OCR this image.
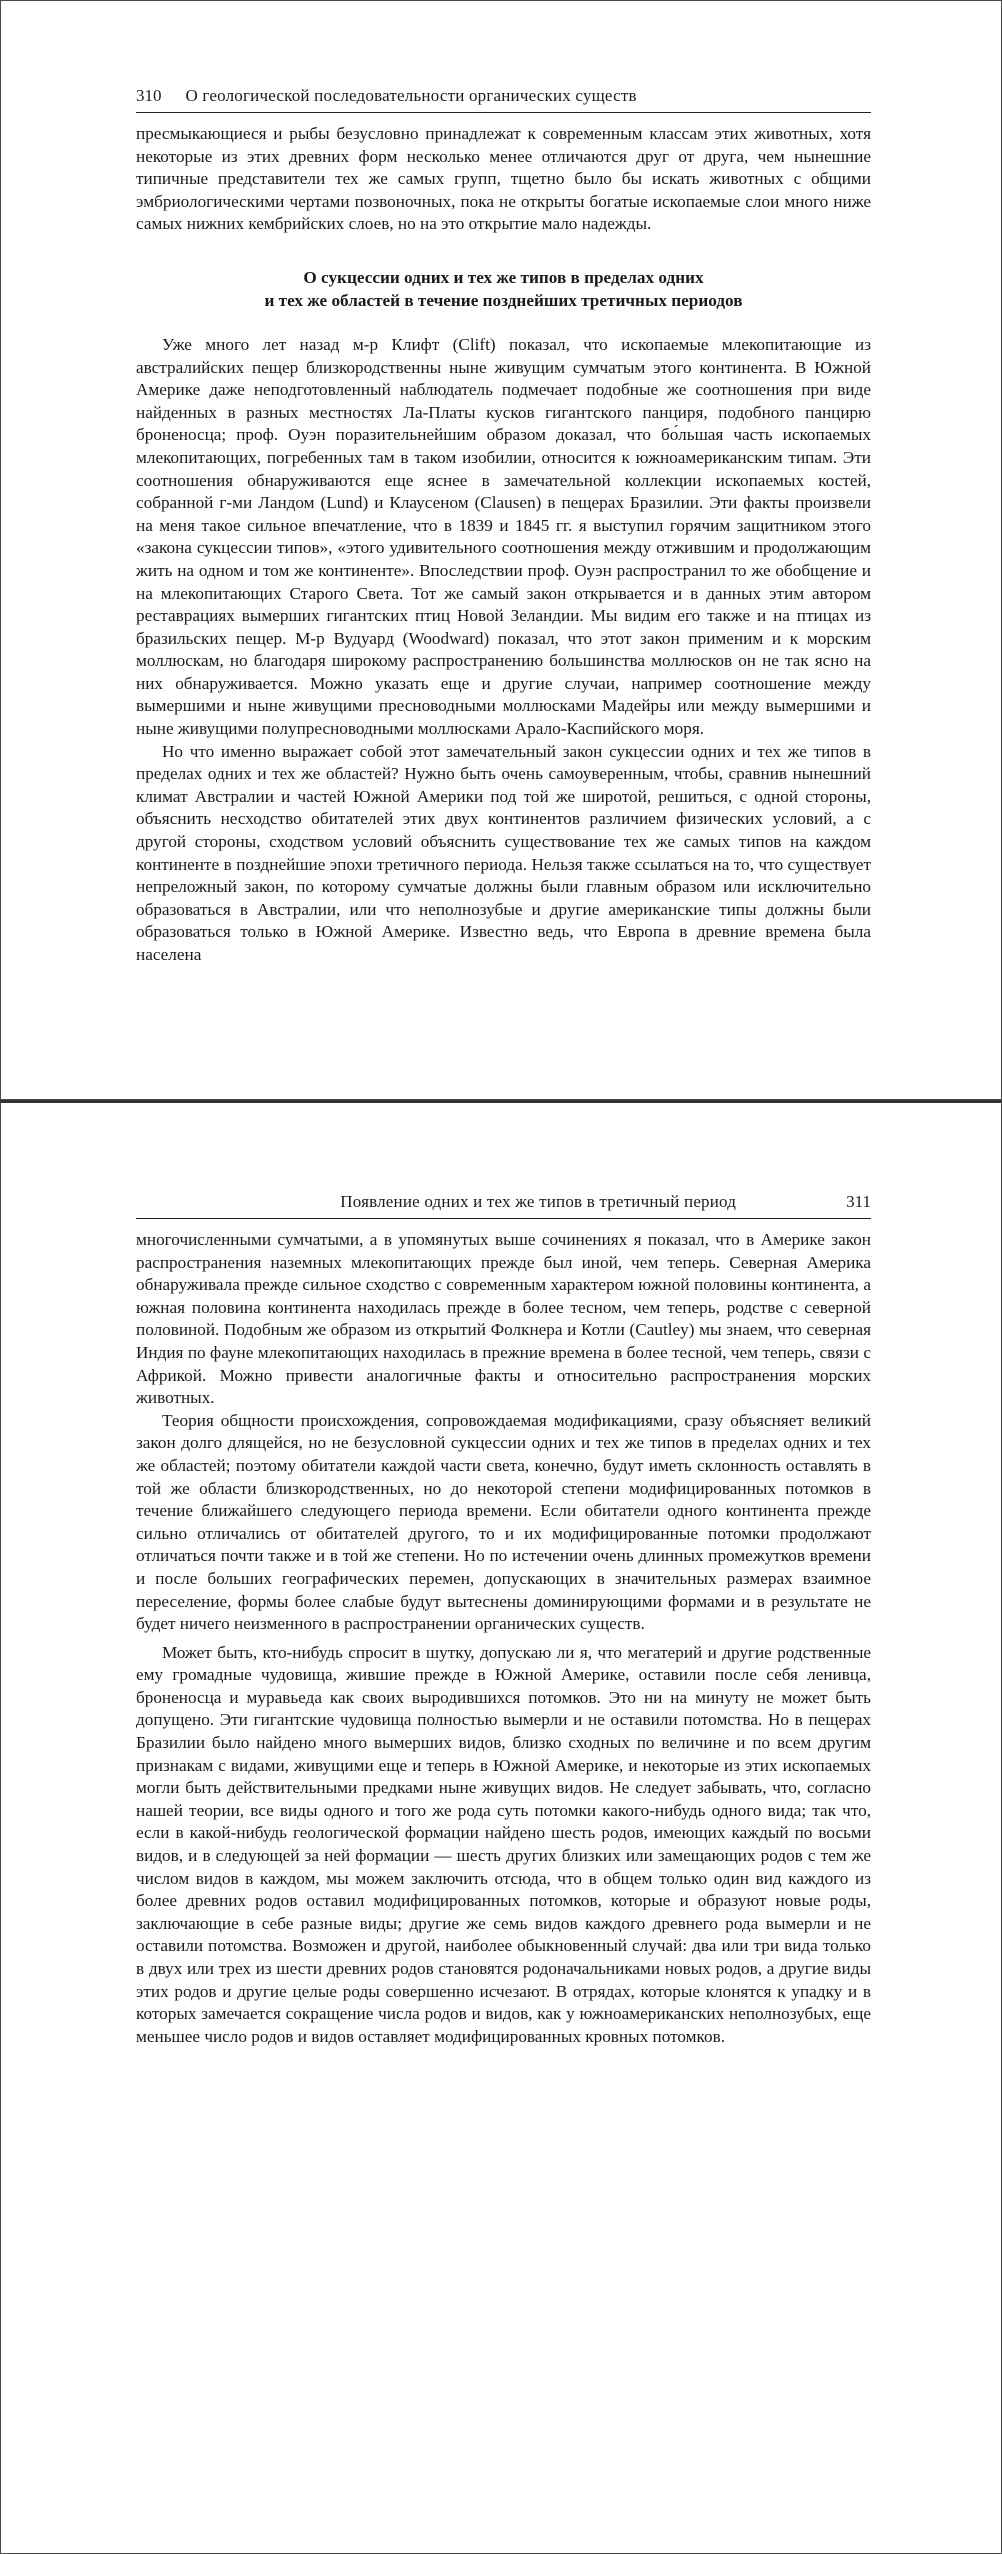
310 О геологической последовательности органических существ

пресмыкающиеся и рыбы безусловно принадлежат к современным классам этих животных, хотя некоторые из этих древних форм несколько менее отличаются друг от друга, чем нынешние типичные представители тех же самых групп, тщетно было бы искать животных с общими эмбриологическими чертами позвоночных, пока не открыты богатые ископаемые слои много ниже самых нижних кембрийских слоев, но на это открытие мало надежды.

О сукцессии одних и тех же типов в пределах одних
и тех же областей в течение позднейших третичных периодов

Уже много лет назад м-р Клифт (Clift) показал, что ископаемые млекопитающие из австралийских пещер близкородственны ныне живущим сумчатым этого континента. В Южной Америке даже неподготовленный наблюдатель подмечает подобные же соотношения при виде найденных в разных местностях Ла-Платы кусков гигантского панциря, подобного панцирю броненосца; проф. Оуэн поразительнейшим образом доказал, что бо́льшая часть ископаемых млекопитающих, погребенных там в таком изобилии, относится к южноамериканским типам. Эти соотношения обнаруживаются еще яснее в замечательной коллекции ископаемых костей, собранной г-ми Ландом (Lund) и Клаусеном (Clausen) в пещерах Бразилии. Эти факты произвели на меня такое сильное впечатление, что в 1839 и 1845 гг. я выступил горячим защитником этого «закона сукцессии типов», «этого удивительного соотношения между отжившим и продолжающим жить на одном и том же континенте». Впоследствии проф. Оуэн распространил то же обобщение и на млекопитающих Старого Света. Тот же самый закон открывается и в данных этим автором реставрациях вымерших гигантских птиц Новой Зеландии. Мы видим его также и на птицах из бразильских пещер. М-р Вудуард (Woodward) показал, что этот закон применим и к морским моллюскам, но благодаря широкому распространению большинства моллюсков он не так ясно на них обнаруживается. Можно указать еще и другие случаи, например соотношение между вымершими и ныне живущими пресноводными моллюсками Мадейры или между вымершими и ныне живущими полупресноводными моллюсками Арало-Каспийского моря.

Но что именно выражает собой этот замечательный закон сукцессии одних и тех же типов в пределах одних и тех же областей? Нужно быть очень самоуверенным, чтобы, сравнив нынешний климат Австралии и частей Южной Америки под той же широтой, решиться, с одной стороны, объяснить несходство обитателей этих двух континентов различием физических условий, а с другой стороны, сходством условий объяснить существование тех же самых типов на каждом континенте в позднейшие эпохи третичного периода. Нельзя также ссылаться на то, что существует непреложный закон, по которому сумчатые должны были главным образом или исключительно образоваться в Австралии, или что неполнозубые и другие американские типы должны были образоваться только в Южной Америке. Известно ведь, что Европа в древние времена была населена

Появление одних и тех же типов в третичный период	311

многочисленными сумчатыми, а в упомянутых выше сочинениях я показал, что в Америке закон распространения наземных млекопитающих прежде был иной, чем теперь. Северная Америка обнаруживала прежде сильное сходство с современным характером южной половины континента, а южная половина континента находилась прежде в более тесном, чем теперь, родстве с северной половиной. Подобным же образом из открытий Фолкнера и Котли (Cautley) мы знаем, что северная Индия по фауне млекопитающих находилась в прежние времена в более тесной, чем теперь, связи с Африкой. Можно привести аналогичные факты и относительно распространения морских животных.

Теория общности происхождения, сопровождаемая модификациями, сразу объясняет великий закон долго длящейся, но не безусловной сукцессии одних и тех же типов в пределах одних и тех же областей; поэтому обитатели каждой части света, конечно, будут иметь склонность оставлять в той же области близкородственных, но до некоторой степени модифицированных потомков в течение ближайшего следующего периода времени. Если обитатели одного континента прежде сильно отличались от обитателей другого, то и их модифицированные потомки продолжают отличаться почти также и в той же степени. Но по истечении очень длинных промежутков времени и после больших географических перемен, допускающих в значительных размерах взаимное переселение, формы более слабые будут вытеснены доминирующими формами и в результате не будет ничего неизменного в распространении органических существ.

Может быть, кто-нибудь спросит в шутку, допускаю ли я, что мегатерий и другие родственные ему громадные чудовища, жившие прежде в Южной Америке, оставили после себя ленивца, броненосца и муравьеда как своих выродившихся потомков. Это ни на минуту не может быть допущено. Эти гигантские чудовища полностью вымерли и не оставили потомства. Но в пещерах Бразилии было найдено много вымерших видов, близко сходных по величине и по всем другим признакам с видами, живущими еще и теперь в Южной Америке, и некоторые из этих ископаемых могли быть действительными предками ныне живущих видов. Не следует забывать, что, согласно нашей теории, все виды одного и того же рода суть потомки какого-нибудь одного вида; так что, если в какой-нибудь геологической формации найдено шесть родов, имеющих каждый по восьми видов, и в следующей за ней формации — шесть других близких или замещающих родов с тем же числом видов в каждом, мы можем заключить отсюда, что в общем только один вид каждого из более древних родов оставил модифицированных потомков, которые и образуют новые роды, заключающие в себе разные виды; другие же семь видов каждого древнего рода вымерли и не оставили потомства. Возможен и другой, наиболее обыкновенный случай: два или три вида только в двух или трех из шести древних родов становятся родоначальниками новых родов, а другие виды этих родов и другие целые роды совершенно исчезают. В отрядах, которые клонятся к упадку и в которых замечается сокращение числа родов и видов, как у южноамериканских неполнозубых, еще меньшее число родов и видов оставляет модифицированных кровных потомков.
